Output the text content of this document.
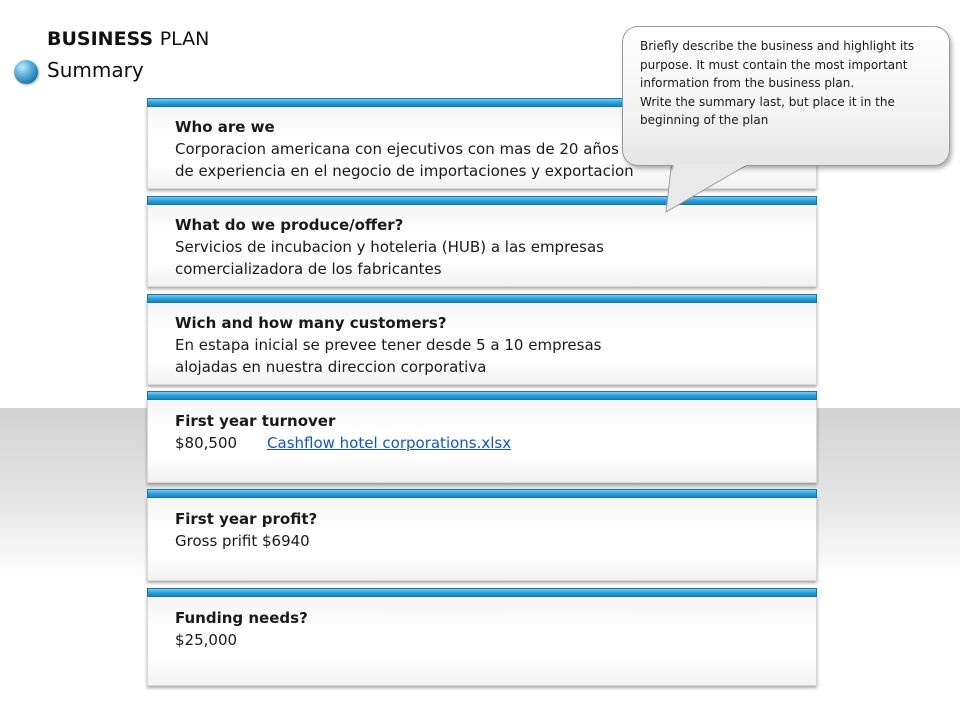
BUSINESS PLAN
Summary
Who are we
Corporacion americana con ejecutivos con mas de 20 años
de experiencia en el negocio de importaciones y exportacion
What do we produce/offer?
Servicios de incubacion y hoteleria (HUB) a las empresas
comercializadora de los fabricantes
Wich and how many customers?
En estapa inicial se prevee tener desde 5 a 10 empresas
alojadas en nuestra direccion corporativa
First year turnover
$80,500 Cashflow hotel corporations.xlsx
First year profit?
Gross prifit $6940
Funding needs?
$25,000
Briefly describe the business and highlight its purpose. It must contain the most important information from the business plan.
Write the summary last, but place it in the beginning of the plan
